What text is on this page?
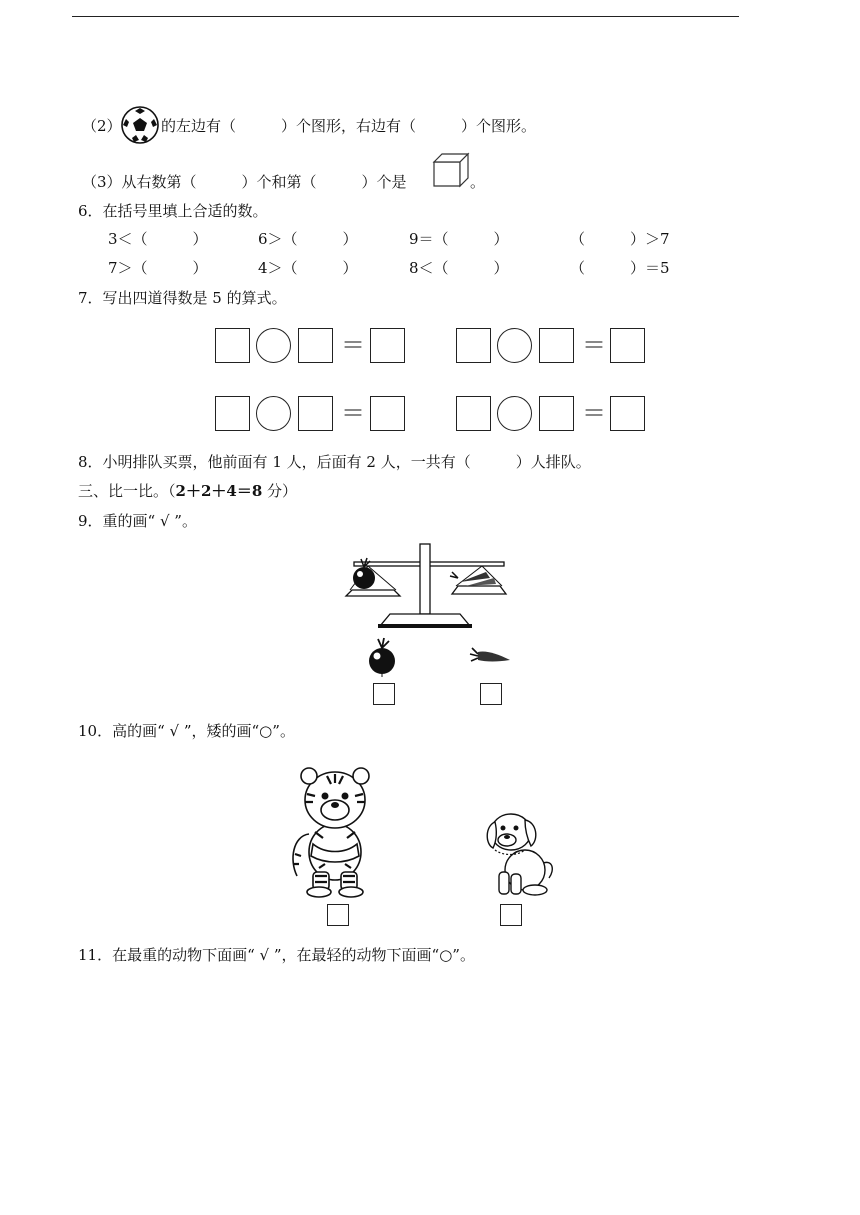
（2）	的左边有（　　　）个图形，右边有（　　　）个图形。
（3）从右数第（　　　）个和第（　　　）个是	。
6．在括号里填上合适的数。
3＜（　　　）	6＞（　　　）	9＝（　　　）	（　　　）＞7
7＞（　　　）	4＞（　　　）	8＜（　　　）	（　　　）＝5
7．写出四道得数是 5 的算式。
＝	＝
＝	＝
8．小明排队买票，他前面有 1 人，后面有 2 人，一共有（　　　）人排队。
三、比一比。（2＋2＋4＝8 分）
9．重的画“ √ ”。
10．高的画“ √ ”，矮的画“○”。
11．在最重的动物下面画“ √ ”，在最轻的动物下面画“○”。
